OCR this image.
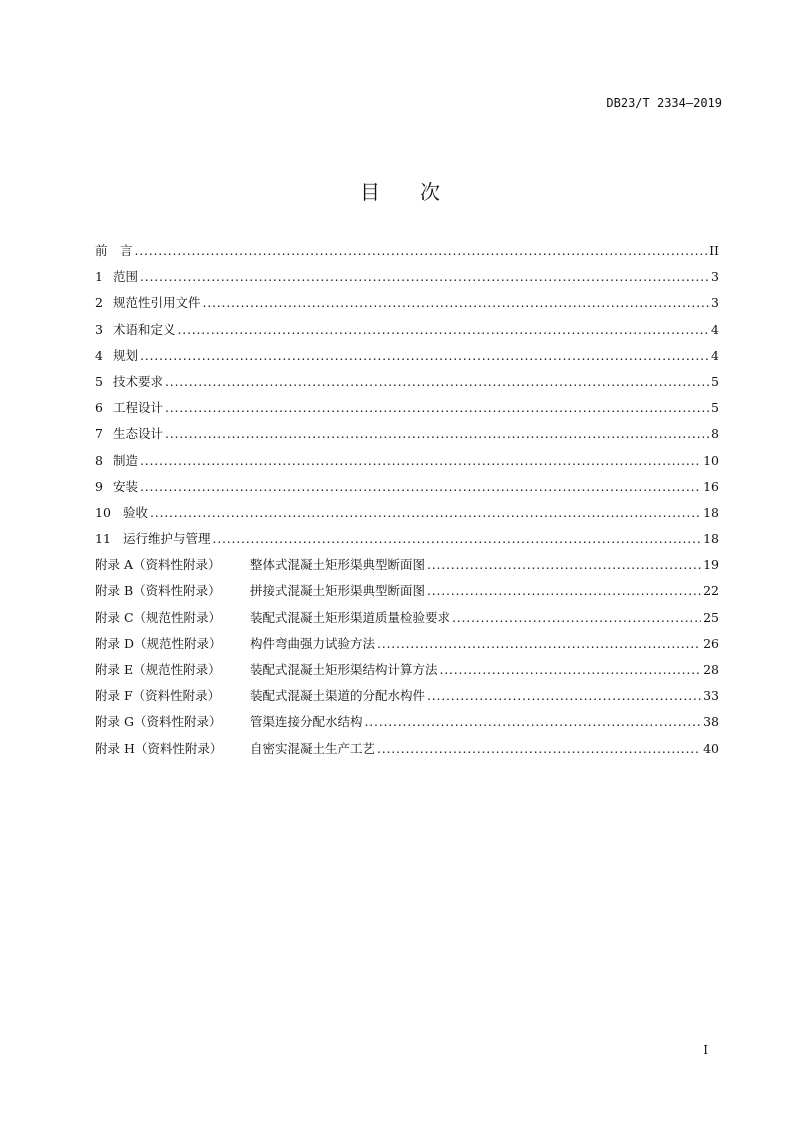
DB23/T 2334—2019
目 次
前　言 . . .	II
1 范围 . . .	3
2 规范性引用文件 . . .	3
3 术语和定义 . . .	4
4 规划 . . .	4
5 技术要求 . . .	5
6 工程设计 . . .	5
7 生态设计 . . .	8
8 制造 . . .	10
9 安装 . . .	16
10 验收 . . .	18
11 运行维护与管理 . . .	18
附录 A（资料性附录）	整体式混凝土矩形渠典型断面图 . . .	19
附录 B（资料性附录）	拼接式混凝土矩形渠典型断面图 . . .	22
附录 C（规范性附录）	装配式混凝土矩形渠道质量检验要求 . . .	25
附录 D（规范性附录）	构件弯曲强力试验方法 . . .	26
附录 E（规范性附录）	装配式混凝土矩形渠结构计算方法 . . .	28
附录 F（资料性附录）	装配式混凝土渠道的分配水构件 . . .	33
附录 G（资料性附录）	管渠连接分配水结构 . . .	38
附录 H（资料性附录）	自密实混凝土生产工艺 . . .	40
I
